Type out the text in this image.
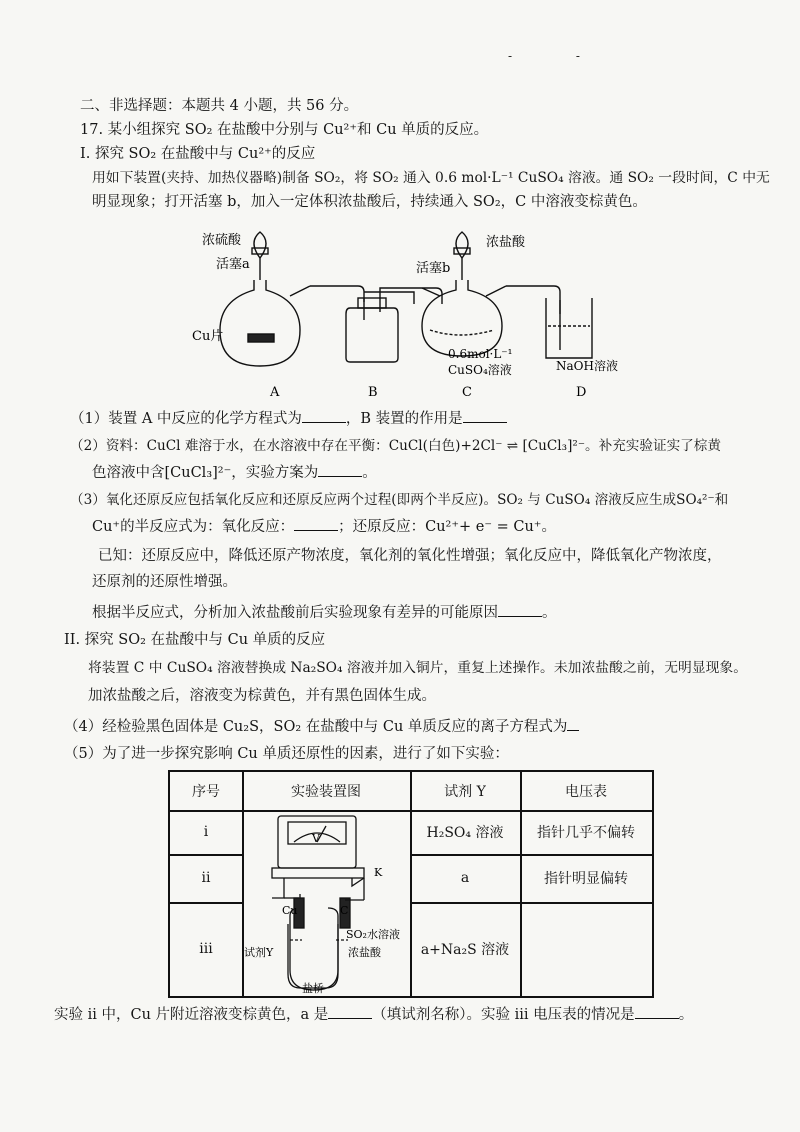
- -
二、非选择题：本题共 4 小题，共 56 分。
17. 某小组探究 SO₂ 在盐酸中分别与 Cu²⁺和 Cu 单质的反应。
I. 探究 SO₂ 在盐酸中与 Cu²⁺的反应
用如下装置(夹持、加热仪器略)制备 SO₂，将 SO₂ 通入 0.6 mol·L⁻¹ CuSO₄ 溶液。通 SO₂ 一段时间，C 中无
明显现象；打开活塞 b，加入一定体积浓盐酸后，持续通入 SO₂，C 中溶液变棕黄色。
浓硫酸
活塞a
Cu片
浓盐酸
活塞b
0.6mol·L⁻¹
CuSO₄溶液	NaOH溶液
A	B	C	D
（1）装置 A 中反应的化学方程式为	，B 装置的作用是
（2）资料：CuCl 难溶于水，在水溶液中存在平衡：CuCl(白色)+2Cl⁻ ⇌ [CuCl₃]²⁻。补充实验证实了棕黄
色溶液中含[CuCl₃]²⁻，实验方案为	。
（3）氧化还原反应包括氧化反应和还原反应两个过程(即两个半反应)。SO₂ 与 CuSO₄ 溶液反应生成SO₄²⁻和
Cu⁺的半反应式为：氧化反应：	；还原反应：Cu²⁺+ e⁻ = Cu⁺。
已知：还原反应中，降低还原产物浓度，氧化剂的氧化性增强；氧化反应中，降低氧化产物浓度，
还原剂的还原性增强。
根据半反应式，分析加入浓盐酸前后实验现象有差异的可能原因	。
II. 探究 SO₂ 在盐酸中与 Cu 单质的反应
将装置 C 中 CuSO₄ 溶液替换成 Na₂SO₄ 溶液并加入铜片，重复上述操作。未加浓盐酸之前，无明显现象。
加浓盐酸之后，溶液变为棕黄色，并有黑色固体生成。
（4）经检验黑色固体是 Cu₂S，SO₂ 在盐酸中与 Cu 单质反应的离子方程式为
（5）为了进一步探究影响 Cu 单质还原性的因素，进行了如下实验：
序号	实验装置图	试剂 Y	电压表
i	H₂SO₄ 溶液	指针几乎不偏转
ii	a	指针明显偏转
iii	a+Na₂S 溶液
V
K
Cu	C
SO₂水溶液
浓盐酸
试剂Y
盐桥
实验 ii 中，Cu 片附近溶液变棕黄色，a 是	（填试剂名称）。实验 iii 电压表的情况是	。
